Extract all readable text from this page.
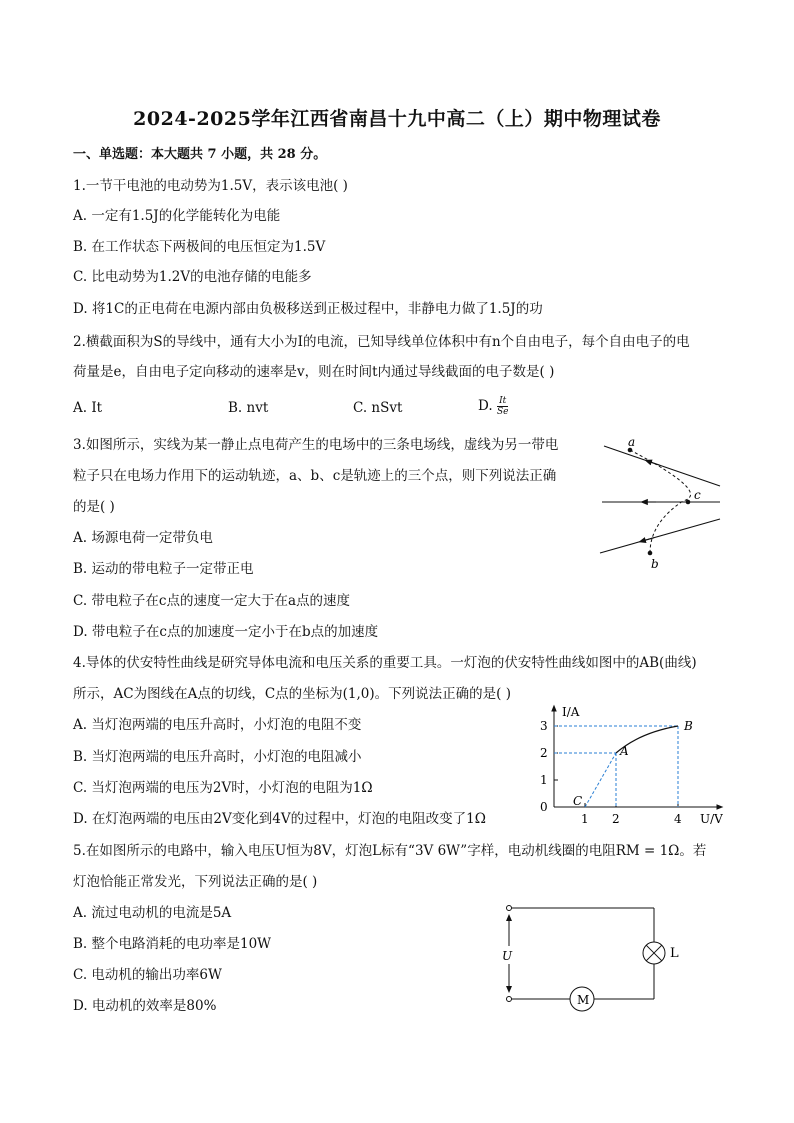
2024-2025学年江西省南昌十九中高二（上）期中物理试卷
一、单选题：本大题共 7 小题，共 28 分。
1.一节干电池的电动势为1.5V，表示该电池( )
A. 一定有1.5J的化学能转化为电能
B. 在工作状态下两极间的电压恒定为1.5V
C. 比电动势为1.2V的电池存储的电能多
D. 将1C的正电荷在电源内部由负极移送到正极过程中，非静电力做了1.5J的功
2.横截面积为S的导线中，通有大小为I的电流，已知导线单位体积中有n个自由电子，每个自由电子的电
荷量是e，自由电子定向移动的速率是v，则在时间t内通过导线截面的电子数是( )
A. It	B. nvt	C. nSvt	D. $\frac{It}{Se}$
3.如图所示，实线为某一静止点电荷产生的电场中的三条电场线，虚线为另一带电
粒子只在电场力作用下的运动轨迹，a、b、c是轨迹上的三个点，则下列说法正确
的是( )
A. 场源电荷一定带负电
B. 运动的带电粒子一定带正电
C. 带电粒子在c点的速度一定大于在a点的速度
D. 带电粒子在c点的加速度一定小于在b点的加速度
a
c
b
4.导体的伏安特性曲线是研究导体电流和电压关系的重要工具。一灯泡的伏安特性曲线如图中的AB(曲线)
所示，AC为图线在A点的切线，C点的坐标为(1,0)。下列说法正确的是( )
A. 当灯泡两端的电压升高时，小灯泡的电阻不变
B. 当灯泡两端的电压升高时，小灯泡的电阻减小
C. 当灯泡两端的电压为2V时，小灯泡的电阻为1Ω
D. 在灯泡两端的电压由2V变化到4V的过程中，灯泡的电阻改变了1Ω
I/A
U/V
0
1
2
3
1 2	4
A
B
C
5.在如图所示的电路中，输入电压U恒为8V，灯泡L标有“3V 6W”字样，电动机线圈的电阻RM = 1Ω。若
灯泡恰能正常发光，下列说法正确的是( )
A. 流过电动机的电流是5A
B. 整个电路消耗的电功率是10W
C. 电动机的输出功率6W
D. 电动机的效率是80%
U	L
M
